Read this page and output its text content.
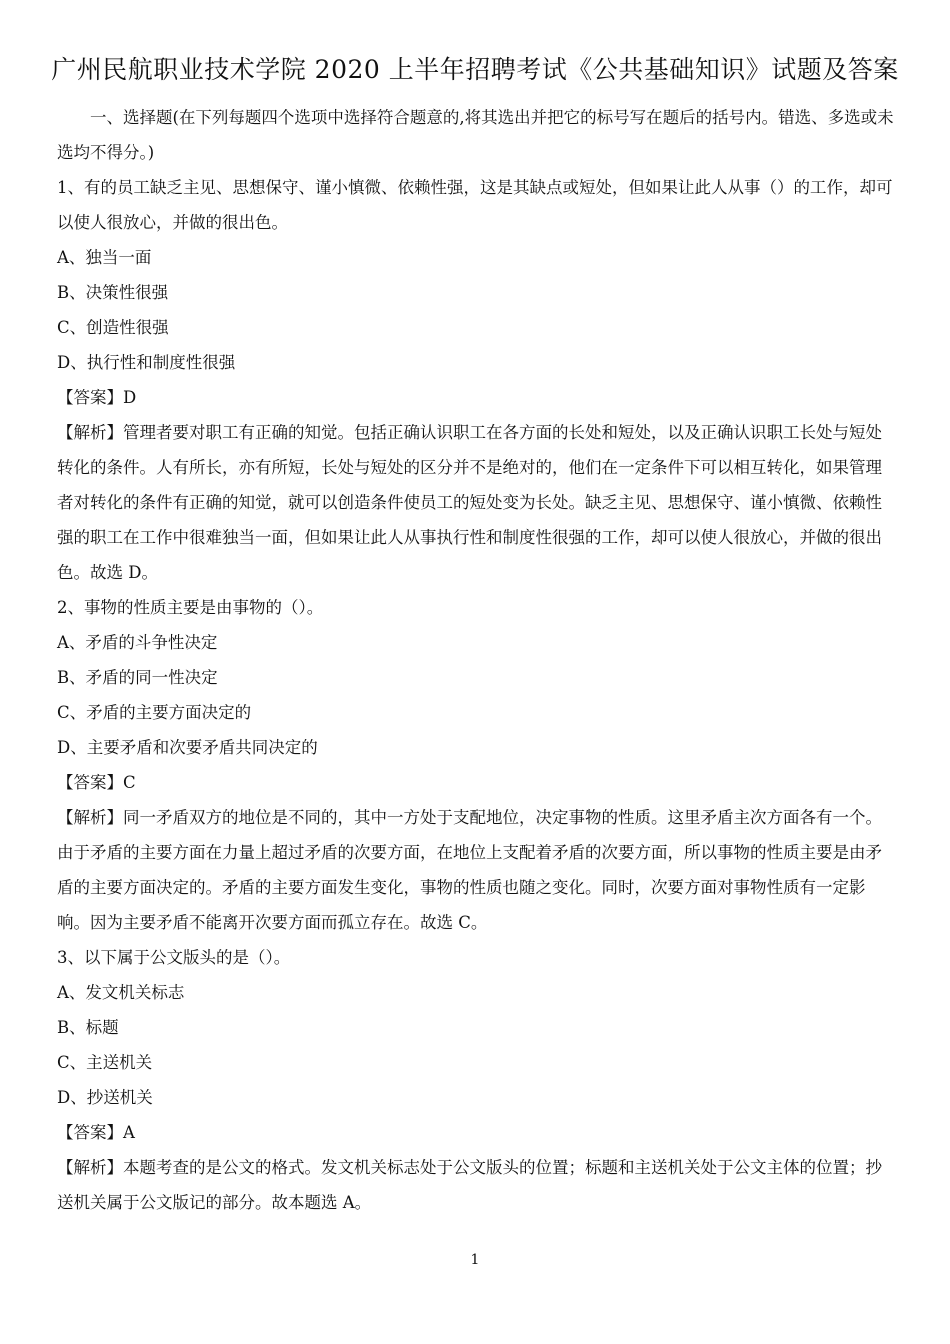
广州民航职业技术学院 2020 上半年招聘考试《公共基础知识》试题及答案

一、选择题(在下列每题四个选项中选择符合题意的,将其选出并把它的标号写在题后的括号内。错选、多选或未选均不得分。)

1、有的员工缺乏主见、思想保守、谨小慎微、依赖性强，这是其缺点或短处，但如果让此人从事（）的工作，却可以使人很放心，并做的很出色。

A、独当一面

B、决策性很强

C、创造性很强

D、执行性和制度性很强

【答案】D

【解析】管理者要对职工有正确的知觉。包括正确认识职工在各方面的长处和短处，以及正确认识职工长处与短处转化的条件。人有所长，亦有所短，长处与短处的区分并不是绝对的，他们在一定条件下可以相互转化，如果管理者对转化的条件有正确的知觉，就可以创造条件使员工的短处变为长处。缺乏主见、思想保守、谨小慎微、依赖性强的职工在工作中很难独当一面，但如果让此人从事执行性和制度性很强的工作，却可以使人很放心，并做的很出色。故选 D。

2、事物的性质主要是由事物的（）。

A、矛盾的斗争性决定

B、矛盾的同一性决定

C、矛盾的主要方面决定的

D、主要矛盾和次要矛盾共同决定的

【答案】C

【解析】同一矛盾双方的地位是不同的，其中一方处于支配地位，决定事物的性质。这里矛盾主次方面各有一个。由于矛盾的主要方面在力量上超过矛盾的次要方面，在地位上支配着矛盾的次要方面，所以事物的性质主要是由矛盾的主要方面决定的。矛盾的主要方面发生变化，事物的性质也随之变化。同时，次要方面对事物性质有一定影响。因为主要矛盾不能离开次要方面而孤立存在。故选 C。

3、以下属于公文版头的是（）。

A、发文机关标志

B、标题

C、主送机关

D、抄送机关

【答案】A

【解析】本题考查的是公文的格式。发文机关标志处于公文版头的位置；标题和主送机关处于公文主体的位置；抄送机关属于公文版记的部分。故本题选 A。

1
